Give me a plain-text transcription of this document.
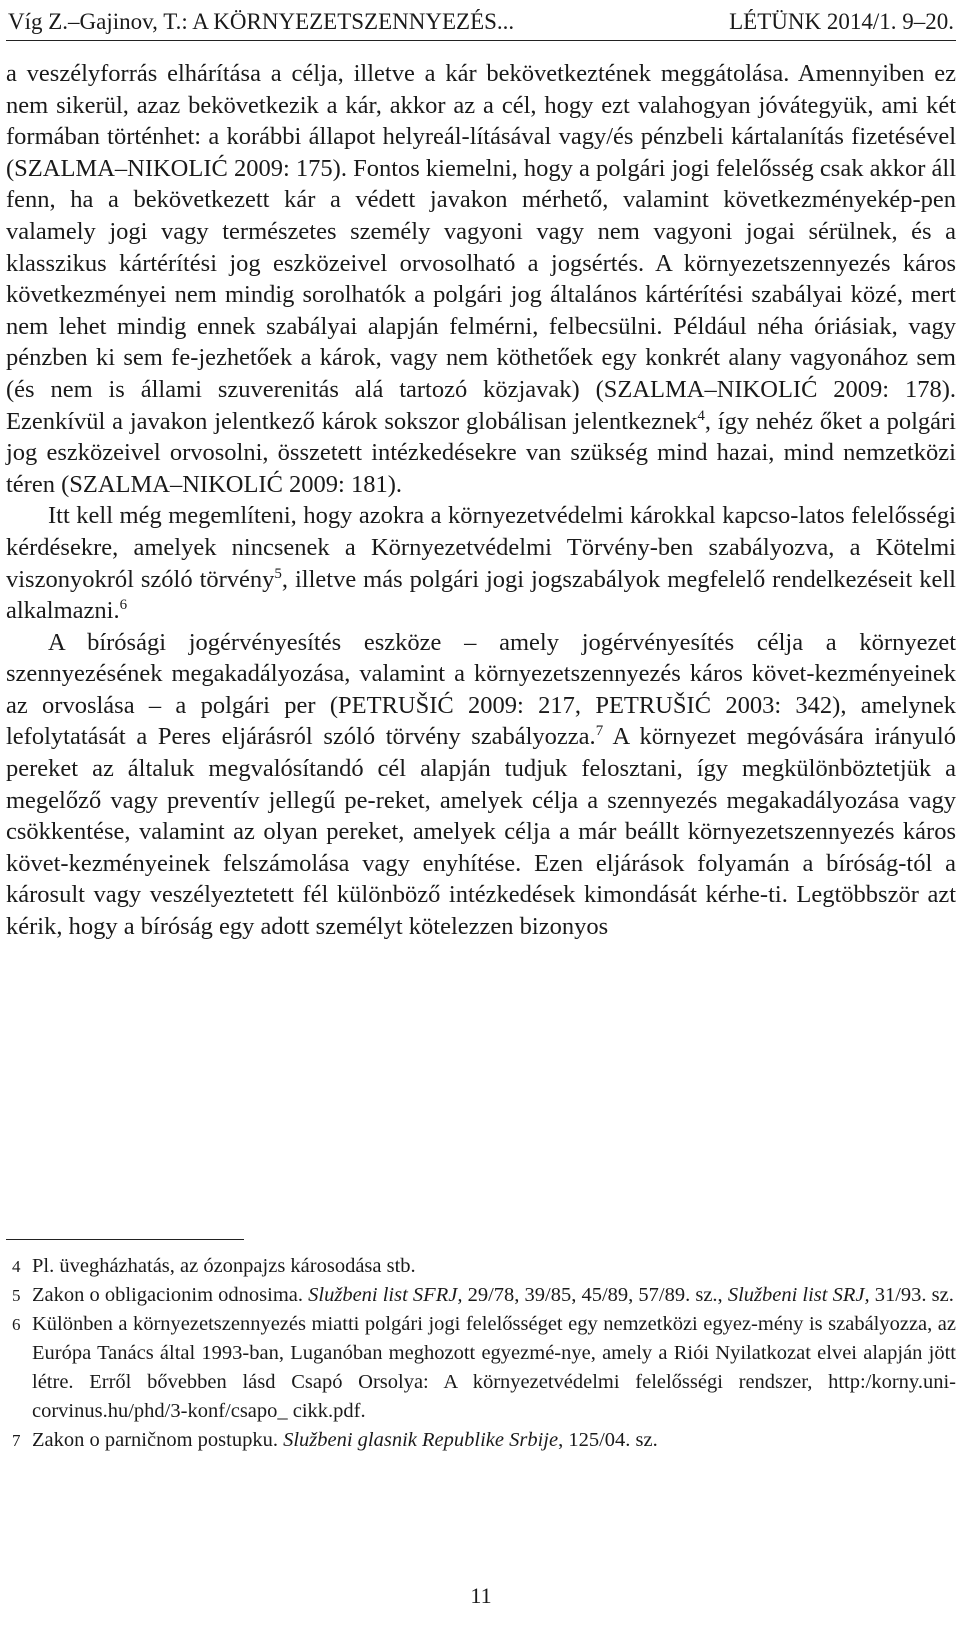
Víg Z.–Gajinov, T.: A KÖRNYEZETSZENNYEZÉS...	LÉTÜNK 2014/1. 9–20.

a veszélyforrás elhárítása a célja, illetve a kár bekövetkeztének meggátolása. Amennyiben ez nem sikerül, azaz bekövetkezik a kár, akkor az a cél, hogy ezt valahogyan jóvátegyük, ami két formában történhet: a korábbi állapot helyreál-lításával vagy/és pénzbeli kártalanítás fizetésével (SZALMA–NIKOLIĆ 2009: 175). Fontos kiemelni, hogy a polgári jogi felelősség csak akkor áll fenn, ha a bekövetkezett kár a védett javakon mérhető, valamint következményekép-pen valamely jogi vagy természetes személy vagyoni vagy nem vagyoni jogai sérülnek, és a klasszikus kártérítési jog eszközeivel orvosolható a jogsértés. A környezetszennyezés káros következményei nem mindig sorolhatók a polgári jog általános kártérítési szabályai közé, mert nem lehet mindig ennek szabályai alapján felmérni, felbecsülni. Például néha óriásiak, vagy pénzben ki sem fe-jezhetőek a károk, vagy nem köthetőek egy konkrét alany vagyonához sem (és nem is állami szuverenitás alá tartozó közjavak) (SZALMA–NIKOLIĆ 2009: 178). Ezenkívül a javakon jelentkező károk sokszor globálisan jelentkeznek$^4$, így nehéz őket a polgári jog eszközeivel orvosolni, összetett intézkedésekre van szükség mind hazai, mind nemzetközi téren (SZALMA–NIKOLIĆ 2009: 181).

Itt kell még megemlíteni, hogy azokra a környezetvédelmi károkkal kapcso-latos felelősségi kérdésekre, amelyek nincsenek a Környezetvédelmi Törvény-ben szabályozva, a Kötelmi viszonyokról szóló törvény$^5$, illetve más polgári jogi jogszabályok megfelelő rendelkezéseit kell alkalmazni.$^6$

A bírósági jogérvényesítés eszköze – amely jogérvényesítés célja a környezet szennyezésének megakadályozása, valamint a környezetszennyezés káros követ-kezményeinek az orvoslása – a polgári per (PETRUŠIĆ 2009: 217, PETRUŠIĆ 2003: 342), amelynek lefolytatását a Peres eljárásról szóló törvény szabályozza.$^7$ A környezet megóvására irányuló pereket az általuk megvalósítandó cél alapján tudjuk felosztani, így megkülönböztetjük a megelőző vagy preventív jellegű pe-reket, amelyek célja a szennyezés megakadályozása vagy csökkentése, valamint az olyan pereket, amelyek célja a már beállt környezetszennyezés káros követ-kezményeinek felszámolása vagy enyhítése. Ezen eljárások folyamán a bíróság-tól a károsult vagy veszélyeztetett fél különböző intézkedések kimondását kérhe-ti. Legtöbbször azt kérik, hogy a bíróság egy adott személyt kötelezzen bizonyos

4 Pl. üvegházhatás, az ózonpajzs károsodása stb.

5 Zakon o obligacionim odnosima. Službeni list SFRJ, 29/78, 39/85, 45/89, 57/89. sz., Službeni list SRJ, 31/93. sz.

6 Különben a környezetszennyezés miatti polgári jogi felelősséget egy nemzetközi egyez-mény is szabályozza, az Európa Tanács által 1993-ban, Luganóban meghozott egyezmé-nye, amely a Riói Nyilatkozat elvei alapján jött létre. Erről bővebben lásd Csapó Orsolya: A környezetvédelmi felelősségi rendszer, http:/korny.uni-corvinus.hu/phd/3-konf/csapo_ cikk.pdf.

7 Zakon o parničnom postupku. Službeni glasnik Republike Srbije, 125/04. sz.

11
